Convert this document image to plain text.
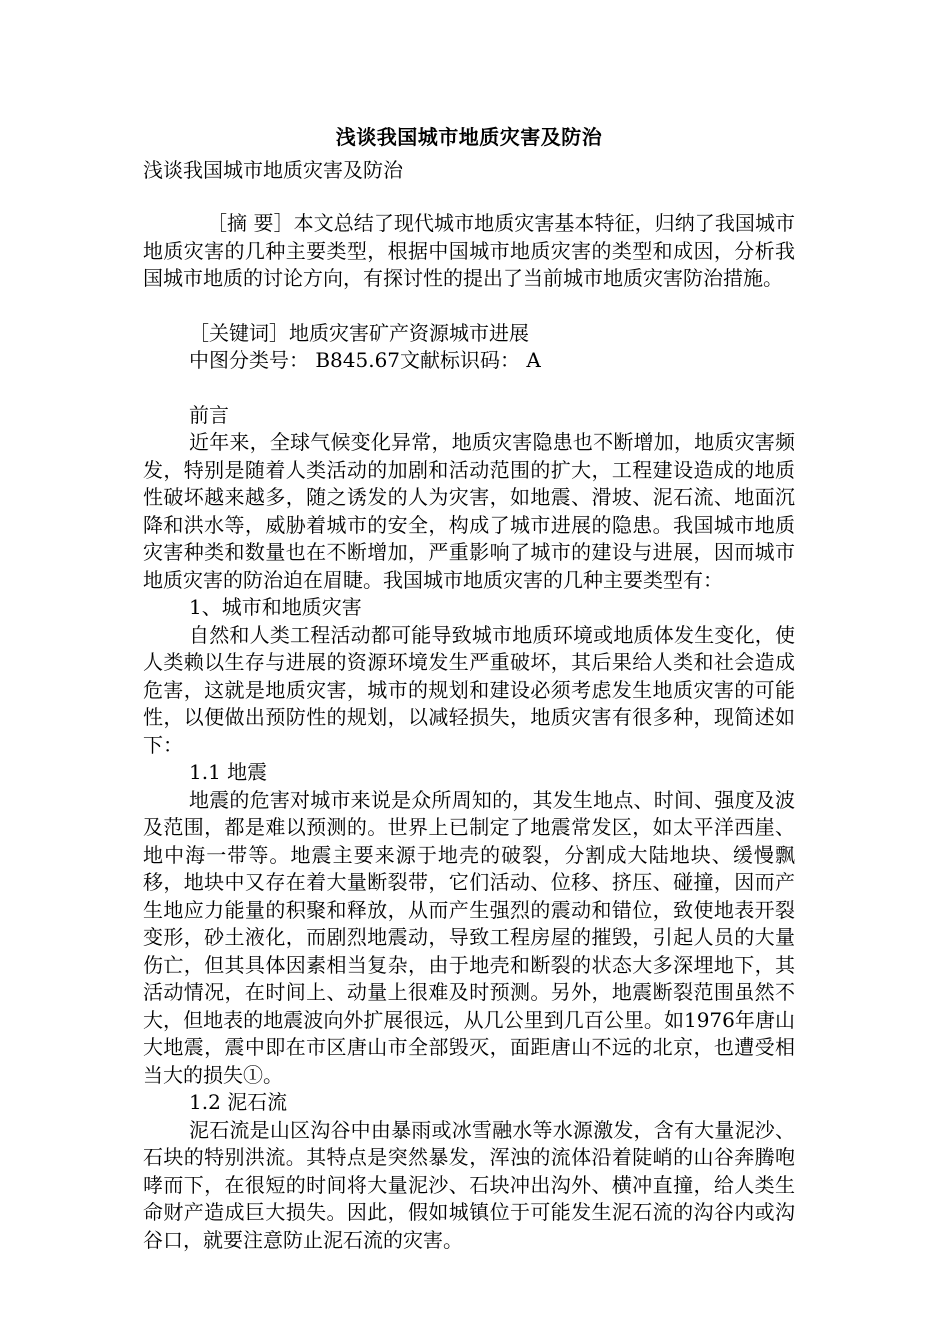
浅谈我国城市地质灾害及防治
浅谈我国城市地质灾害及防治

［摘 要］本文总结了现代城市地质灾害基本特征，归纳了我国城市地质灾害的几种主要类型，根据中国城市地质灾害的类型和成因，分析我国城市地质的讨论方向，有探讨性的提出了当前城市地质灾害防治措施。

［关键词］地质灾害矿产资源城市进展

中图分类号： B845.67文献标识码： A

前言

近年来，全球气候变化异常，地质灾害隐患也不断增加，地质灾害频发，特别是随着人类活动的加剧和活动范围的扩大，工程建设造成的地质性破坏越来越多，随之诱发的人为灾害，如地震、滑坡、泥石流、地面沉降和洪水等，威胁着城市的安全，构成了城市进展的隐患。我国城市地质灾害种类和数量也在不断增加，严重影响了城市的建设与进展，因而城市地质灾害的防治迫在眉睫。我国城市地质灾害的几种主要类型有：

1、城市和地质灾害

自然和人类工程活动都可能导致城市地质环境或地质体发生变化，使人类赖以生存与进展的资源环境发生严重破坏，其后果给人类和社会造成危害，这就是地质灾害，城市的规划和建设必须考虑发生地质灾害的可能性，以便做出预防性的规划，以减轻损失，地质灾害有很多种，现简述如下：

1.1 地震

地震的危害对城市来说是众所周知的，其发生地点、时间、强度及波及范围，都是难以预测的。世界上已制定了地震常发区，如太平洋西崖、地中海一带等。地震主要来源于地壳的破裂，分割成大陆地块、缓慢飘移，地块中又存在着大量断裂带，它们活动、位移、挤压、碰撞，因而产生地应力能量的积聚和释放，从而产生强烈的震动和错位，致使地表开裂变形，砂土液化，而剧烈地震动，导致工程房屋的摧毁，引起人员的大量伤亡，但其具体因素相当复杂，由于地壳和断裂的状态大多深埋地下，其活动情况，在时间上、动量上很难及时预测。另外，地震断裂范围虽然不大，但地表的地震波向外扩展很远，从几公里到几百公里。如1976年唐山大地震，震中即在市区唐山市全部毁灭，面距唐山不远的北京，也遭受相当大的损失①。

1.2 泥石流

泥石流是山区沟谷中由暴雨或冰雪融水等水源激发，含有大量泥沙、石块的特别洪流。其特点是突然暴发，浑浊的流体沿着陡峭的山谷奔腾咆哮而下，在很短的时间将大量泥沙、石块冲出沟外、横冲直撞，给人类生命财产造成巨大损失。因此，假如城镇位于可能发生泥石流的沟谷内或沟谷口，就要注意防止泥石流的灾害。
